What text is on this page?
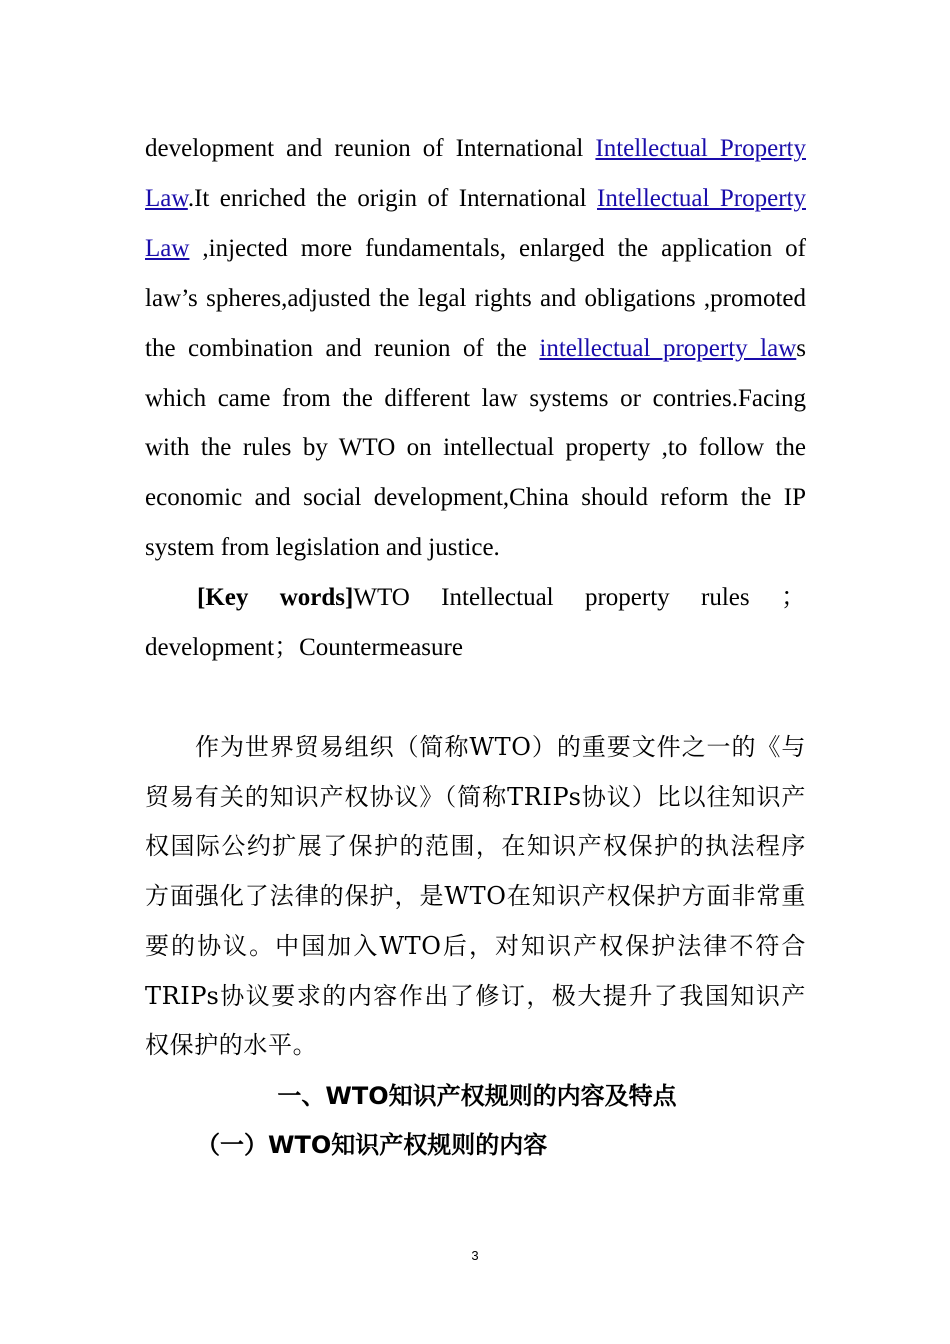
development and reunion of International Intellectual Property Law.It enriched the origin of International Intellectual Property Law ,injected more fundamentals, enlarged the application of law’s spheres,adjusted the legal rights and obligations ,promoted the combination and reunion of the intellectual property laws which came from the different law systems or contries.Facing with the rules by WTO on intellectual property ,to follow the economic and social development,China should reform the IP system from legislation and justice.

[Key words]WTO Intellectual property rules ；development；Countermeasure

作为世界贸易组织（简称WTO）的重要文件之一的《与贸易有关的知识产权协议》（简称TRIPs协议）比以往知识产权国际公约扩展了保护的范围，在知识产权保护的执法程序方面强化了法律的保护，是WTO在知识产权保护方面非常重要的协议。中国加入WTO后，对知识产权保护法律不符合TRIPs协议要求的内容作出了修订，极大提升了我国知识产权保护的水平。

一、WTO知识产权规则的内容及特点

（一）WTO知识产权规则的内容

3
